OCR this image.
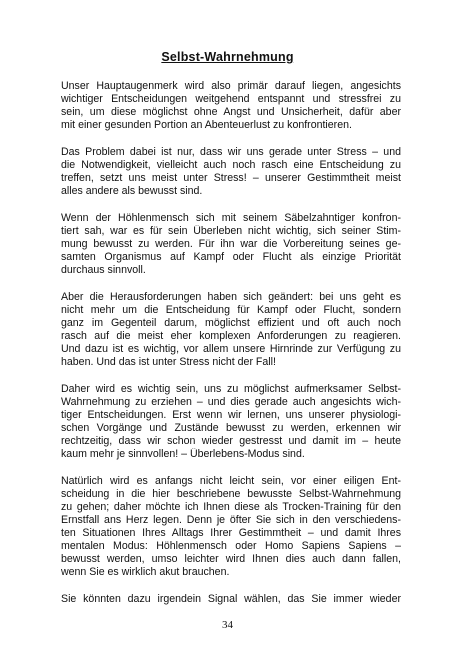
Selbst-Wahrnehmung
Unser Hauptaugenmerk wird also primär darauf liegen, angesichts
wichtiger Entscheidungen weitgehend entspannt und stressfrei zu
sein, um diese möglichst ohne Angst und Unsicherheit, dafür aber
mit einer gesunden Portion an Abenteuerlust zu konfrontieren.
Das Problem dabei ist nur, dass wir uns gerade unter Stress – und
die Notwendigkeit, vielleicht auch noch rasch eine Entscheidung zu
treffen, setzt uns meist unter Stress! – unserer Gestimmtheit meist
alles andere als bewusst sind.
Wenn der Höhlenmensch sich mit seinem Säbelzahntiger konfron-
tiert sah, war es für sein Überleben nicht wichtig, sich seiner Stim-
mung bewusst zu werden. Für ihn war die Vorbereitung seines ge-
samten Organismus auf Kampf oder Flucht als einzige Priorität
durchaus sinnvoll.
Aber die Herausforderungen haben sich geändert: bei uns geht es
nicht mehr um die Entscheidung für Kampf oder Flucht, sondern
ganz im Gegenteil darum, möglichst effizient und oft auch noch
rasch auf die meist eher komplexen Anforderungen zu reagieren.
Und dazu ist es wichtig, vor allem unsere Hirnrinde zur Verfügung zu
haben. Und das ist unter Stress nicht der Fall!
Daher wird es wichtig sein, uns zu möglichst aufmerksamer Selbst-
Wahrnehmung zu erziehen – und dies gerade auch angesichts wich-
tiger Entscheidungen. Erst wenn wir lernen, uns unserer physiologi-
schen Vorgänge und Zustände bewusst zu werden, erkennen wir
rechtzeitig, dass wir schon wieder gestresst und damit im – heute
kaum mehr je sinnvollen! – Überlebens-Modus sind.
Natürlich wird es anfangs nicht leicht sein, vor einer eiligen Ent-
scheidung in die hier beschriebene bewusste Selbst-Wahrnehmung
zu gehen; daher möchte ich Ihnen diese als Trocken-Training für den
Ernstfall ans Herz legen. Denn je öfter Sie sich in den verschiedens-
ten Situationen Ihres Alltags Ihrer Gestimmtheit – und damit Ihres
mentalen Modus: Höhlenmensch oder Homo Sapiens Sapiens –
bewusst werden, umso leichter wird Ihnen dies auch dann fallen,
wenn Sie es wirklich akut brauchen.
Sie könnten dazu irgendein Signal wählen, das Sie immer wieder
34
